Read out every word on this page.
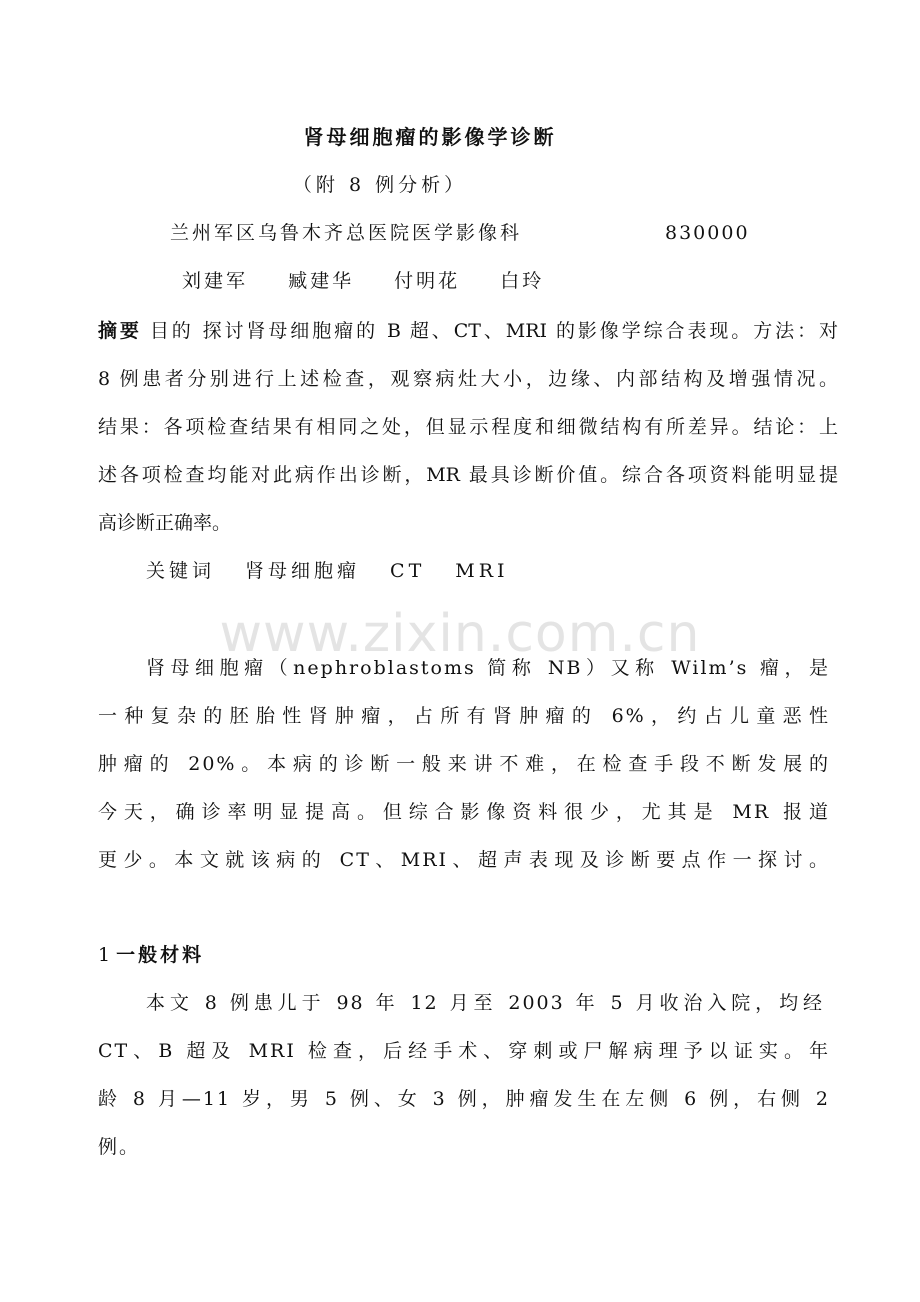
肾母细胞瘤的影像学诊断
（附 8 例分析）
兰州军区乌鲁木齐总医院医学影像科	830000
刘建军 臧建华 付明花 白玲
摘要 目的 探讨肾母细胞瘤的 B 超、CT、MRI 的影像学综合表现。方法：对
8 例患者分别进行上述检查，观察病灶大小，边缘、内部结构及增强情况。
结果：各项检查结果有相同之处，但显示程度和细微结构有所差异。结论：上
述各项检查均能对此病作出诊断，MR 最具诊断价值。综合各项资料能明显提
高诊断正确率。
关键词 肾母细胞瘤 CT MRI
www.zixin.com.cn
肾母细胞瘤（nephroblastoms 简称 NB）又称 Wilm’s 瘤，是
一种复杂的胚胎性肾肿瘤，占所有肾肿瘤的 6%，约占儿童恶性
肿瘤的 20%。本病的诊断一般来讲不难，在检查手段不断发展的
今天，确诊率明显提高。但综合影像资料很少，尤其是 MR 报道
更少。本文就该病的 CT、MRI、超声表现及诊断要点作一探讨。
1 一般材料
本文 8 例患儿于 98 年 12 月至 2003 年 5 月收治入院，均经
CT、B 超及 MRI 检查，后经手术、穿刺或尸解病理予以证实。年
龄 8 月—11 岁，男 5 例、女 3 例，肿瘤发生在左侧 6 例，右侧 2
例。
